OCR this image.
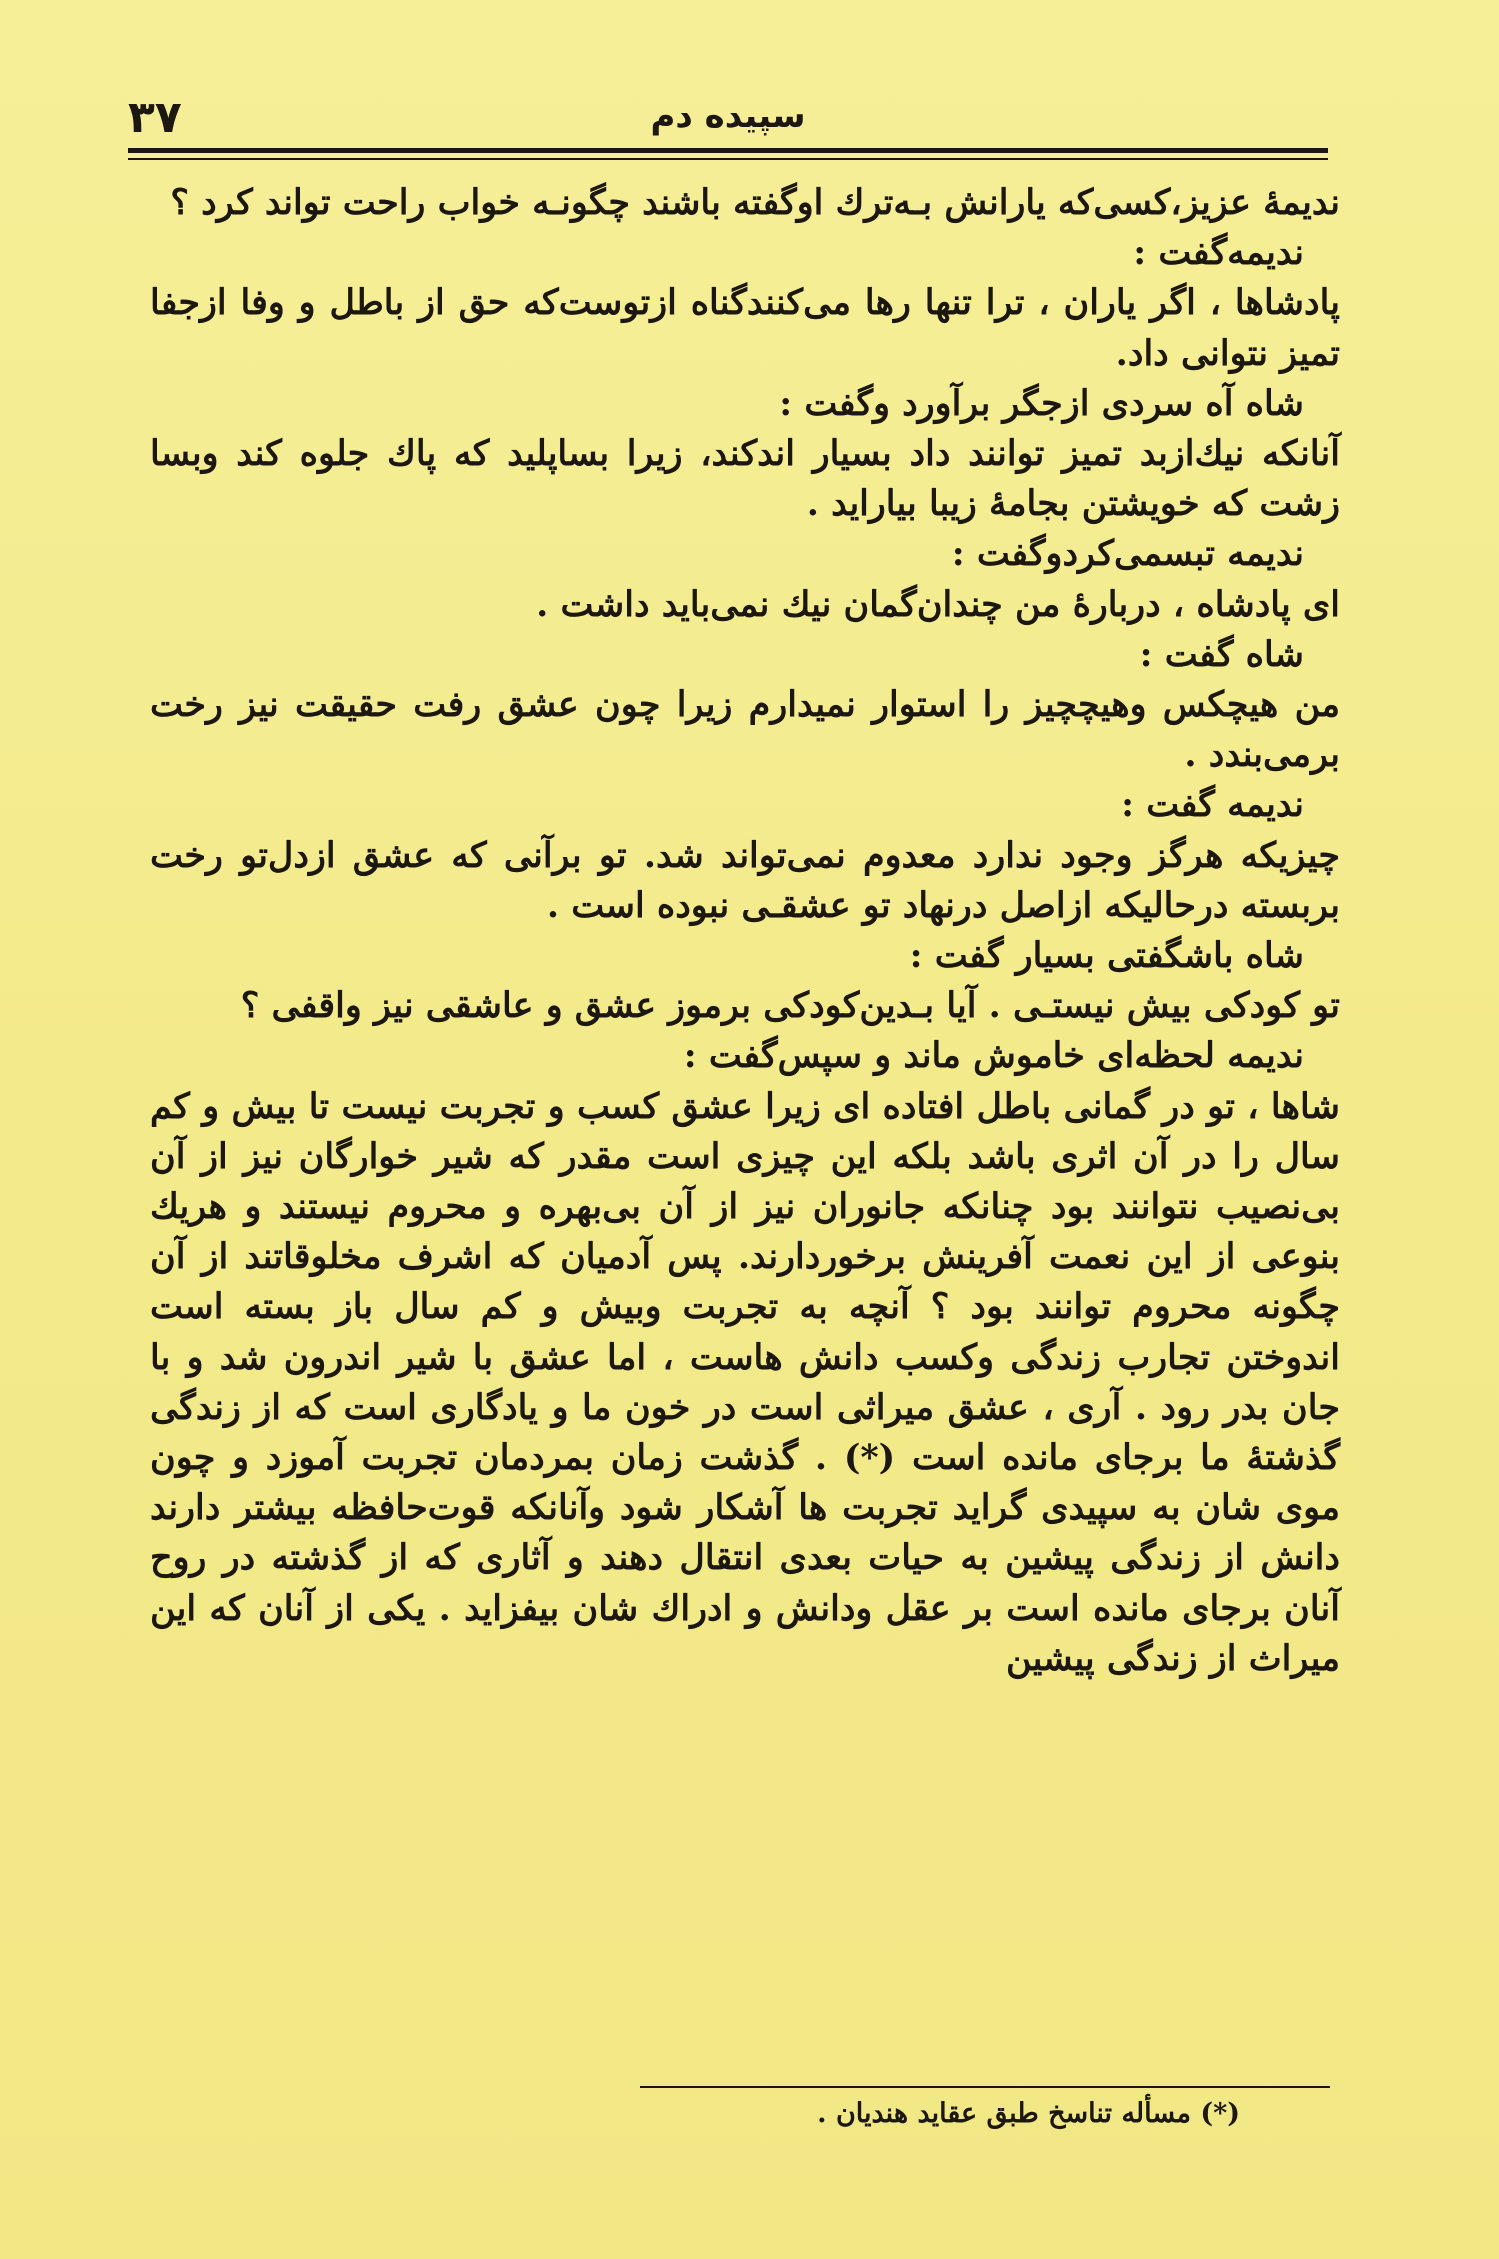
۳۷	سپیده دم

ندیمهٔ عزیز،کسی‌که یارانش بـه‌ترك اوگفته باشند چگونـه خواب راحت تواند کرد ؟

ندیمه‌گفت :

پادشاها ، اگر یاران ، ترا تنها رها می‌کنندگناه ازتوست‌که حق از باطل و وفا ازجفا تمیز نتوانی داد.

شاه آه سردی ازجگر برآورد وگفت :

آنانکه نیك‌ازبد تمیز توانند داد بسیار اندکند، زیرا بساپلید که پاك جلوه کند وبسا زشت که خویشتن بجامهٔ زیبا بیاراید .

ندیمه تبسمی‌کردوگفت :

ای پادشاه ، دربارهٔ من چندان‌گمان نیك نمی‌باید داشت .

شاه گفت :

من هیچکس وهیچچیز را استوار نمیدارم زیرا چون عشق رفت حقیقت نیز رخت برمی‌بندد .

ندیمه گفت :

چیزیکه هرگز وجود ندارد معدوم نمی‌تواند شد. تو برآنی که عشق ازدل‌تو رخت بربسته درحالیکه ازاصل درنهاد تو عشقـی نبوده است .

شاه باشگفتی بسیار گفت :

تو کودکی بیش نیستـی . آیا بـدین‌کودکی برموز عشق و عاشقی نیز واقفی ؟

ندیمه لحظه‌ای خاموش ماند و سپس‌گفت :

شاها ، تو در گمانی باطل افتاده ای زیرا عشق کسب و تجربت نیست تا بیش و کم سال را در آن اثری باشد بلکه این چیزی است مقدر که شیر خوارگان نیز از آن بی‌نصیب نتوانند بود چنانکه جانوران نیز از آن بی‌بهره و محروم نیستند و هریك بنوعی از این نعمت آفرینش برخوردارند. پس آدمیان که اشرف مخلوقاتند از آن چگونه محروم توانند بود ؟ آنچه به تجربت وبیش و کم سال باز بسته است اندوختن تجارب زندگی وکسب دانش هاست ، اما عشق با شیر اندرون شد و با جان بدر رود . آری ، عشق میراثی است در خون ما و یادگاری است که از زندگی گذشتهٔ ما برجای مانده است (*) . گذشت زمان بمردمان تجربت آموزد و چون موی شان به سپیدی گراید تجربت ها آشکار شود وآنانکه قوت‌حافظه بیشتر دارند دانش از زندگی پیشین به حیات بعدی انتقال دهند و آثاری که از گذشته در روح آنان برجای مانده است بر عقل ودانش و ادراك شان بیفزاید . یکی از آنان که این میراث از زندگی پیشین

(*) مسأله تناسخ طبق عقاید هندیان .
